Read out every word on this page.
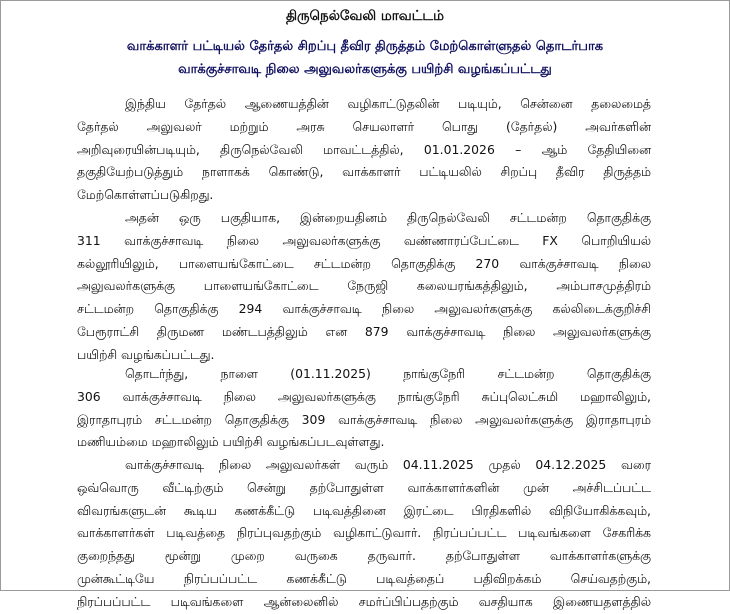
திருநெல்வேலி மாவட்டம்
வாக்காளர் பட்டியல் தேர்தல் சிறப்பு தீவிர திருத்தம் மேற்கொள்ளுதல் தொடர்பாக
வாக்குச்சாவடி நிலை அலுவலர்களுக்கு பயிற்சி வழங்கப்பட்டது
இந்திய தேர்தல் ஆணையத்தின் வழிகாட்டுதலின் படியும், சென்னை தலைமைத்
தேர்தல் அலுவலர் மற்றும் அரசு செயலாளர் பொது (தேர்தல்) அவர்களின்
அறிவுரையின்படியும், திருநெல்வேலி மாவட்டத்தில், 01.01.2026 – ஆம் தேதியினை
தகுதியேற்படுத்தும் நாளாகக் கொண்டு, வாக்காளர் பட்டியலில் சிறப்பு தீவிர திருத்தம்
மேற்கொள்ளப்படுகிறது.
அதன் ஒரு பகுதியாக, இன்றையதினம் திருநெல்வேலி சட்டமன்ற தொகுதிக்கு
311 வாக்குச்சாவடி நிலை அலுவலர்களுக்கு வண்ணாரப்பேட்டை FX பொறியியல்
கல்லூரியிலும், பாளையங்கோட்டை சட்டமன்ற தொகுதிக்கு 270 வாக்குச்சாவடி நிலை
அலுவலர்களுக்கு பாளையங்கோட்டை நேருஜி கலையரங்கத்திலும், அம்பாசமுத்திரம்
சட்டமன்ற தொகுதிக்கு 294 வாக்குச்சாவடி நிலை அலுவலர்களுக்கு கல்லிடைக்குறிச்சி
பேரூராட்சி திருமண மண்டபத்திலும் என 879 வாக்குச்சாவடி நிலை அலுவலர்களுக்கு
பயிற்சி வழங்கப்பட்டது.
தொடர்ந்து, நாளை (01.11.2025) நாங்குநேரி சட்டமன்ற தொகுதிக்கு
306 வாக்குச்சாவடி நிலை அலுவலர்களுக்கு நாங்குநேரி சுப்புலெட்சுமி மஹாலிலும்,
இராதாபுரம் சட்டமன்ற தொகுதிக்கு 309 வாக்குச்சாவடி நிலை அலுவலர்களுக்கு இராதாபுரம்
மணியம்மை மஹாலிலும் பயிற்சி வழங்கப்படவுள்ளது.
வாக்குச்சாவடி நிலை அலுவலர்கள் வரும் 04.11.2025 முதல் 04.12.2025 வரை
ஒவ்வொரு வீட்டிற்கும் சென்று தற்போதுள்ள வாக்காளர்களின் முன் அச்சிடப்பட்ட
விவரங்களுடன் கூடிய கணக்கீட்டு படிவத்தினை இரட்டை பிரதிகளில் விநியோகிக்கவும்,
வாக்காளர்கள் படிவத்தை நிரப்புவதற்கும் வழிகாட்டுவார். நிரப்பப்பட்ட படிவங்களை சேகரிக்க
குறைந்தது மூன்று முறை வருகை தருவார். தற்போதுள்ள வாக்காளர்களுக்கு
முன்கூட்டியே நிரப்பப்பட்ட கணக்கீட்டு படிவத்தைப் பதிவிறக்கம் செய்வதற்கும்,
நிரப்பப்பட்ட படிவங்களை ஆன்லைனில் சமர்ப்பிப்பதற்கும் வசதியாக இணையதளத்தில்
